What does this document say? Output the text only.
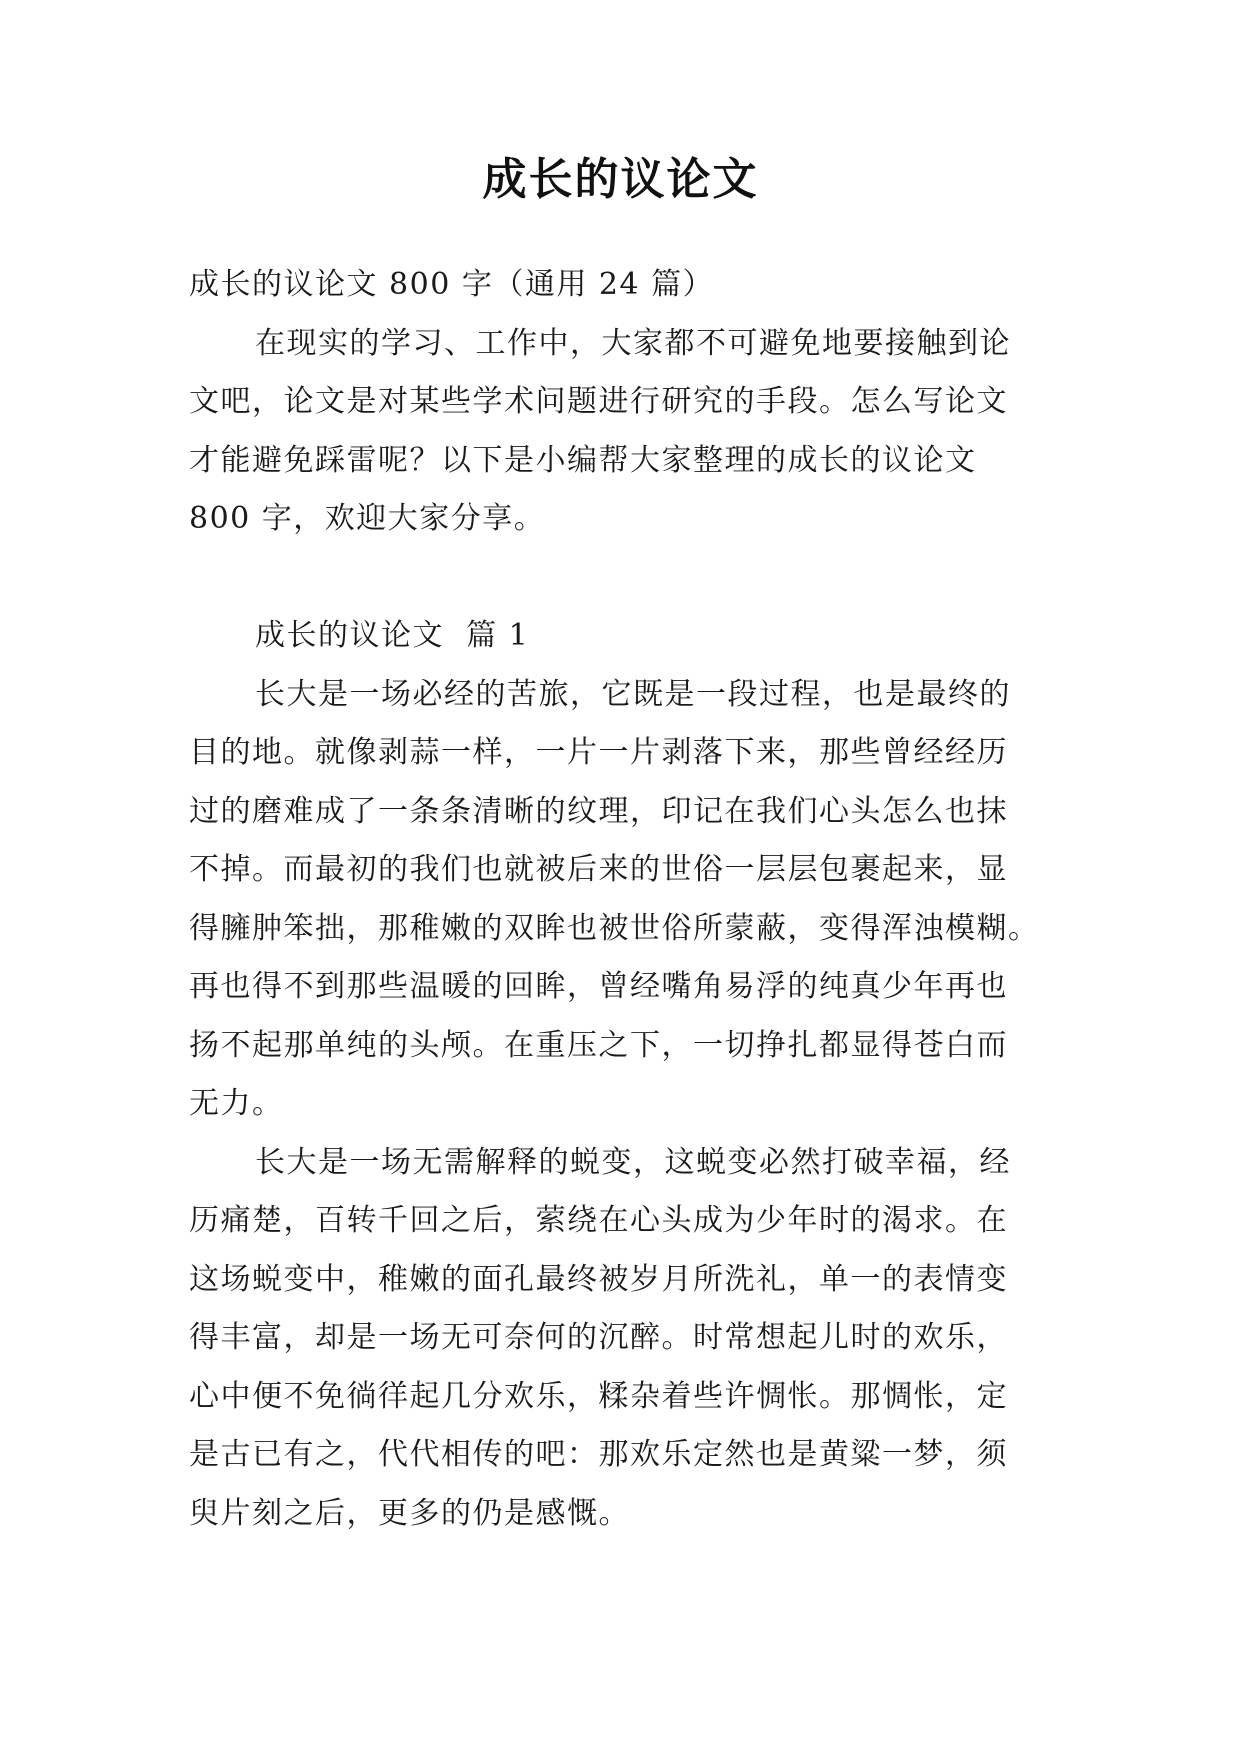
成长的议论文
成长的议论文 800 字（通用 24 篇）
在现实的学习、工作中，大家都不可避免地要接触到论
文吧，论文是对某些学术问题进行研究的手段。怎么写论文
才能避免踩雷呢？以下是小编帮大家整理的成长的议论文
800 字，欢迎大家分享。
成长的议论文  篇 1
长大是一场必经的苦旅，它既是一段过程，也是最终的
目的地。就像剥蒜一样，一片一片剥落下来，那些曾经经历
过的磨难成了一条条清晰的纹理，印记在我们心头怎么也抹
不掉。而最初的我们也就被后来的世俗一层层包裹起来，显
得臃肿笨拙，那稚嫩的双眸也被世俗所蒙蔽，变得浑浊模糊。
再也得不到那些温暖的回眸，曾经嘴角易浮的纯真少年再也
扬不起那单纯的头颅。在重压之下，一切挣扎都显得苍白而
无力。
长大是一场无需解释的蜕变，这蜕变必然打破幸福，经
历痛楚，百转千回之后，萦绕在心头成为少年时的渴求。在
这场蜕变中，稚嫩的面孔最终被岁月所洗礼，单一的表情变
得丰富，却是一场无可奈何的沉醉。时常想起儿时的欢乐，
心中便不免徜徉起几分欢乐，糅杂着些许惆怅。那惆怅，定
是古已有之，代代相传的吧：那欢乐定然也是黄粱一梦，须
臾片刻之后，更多的仍是感慨。
